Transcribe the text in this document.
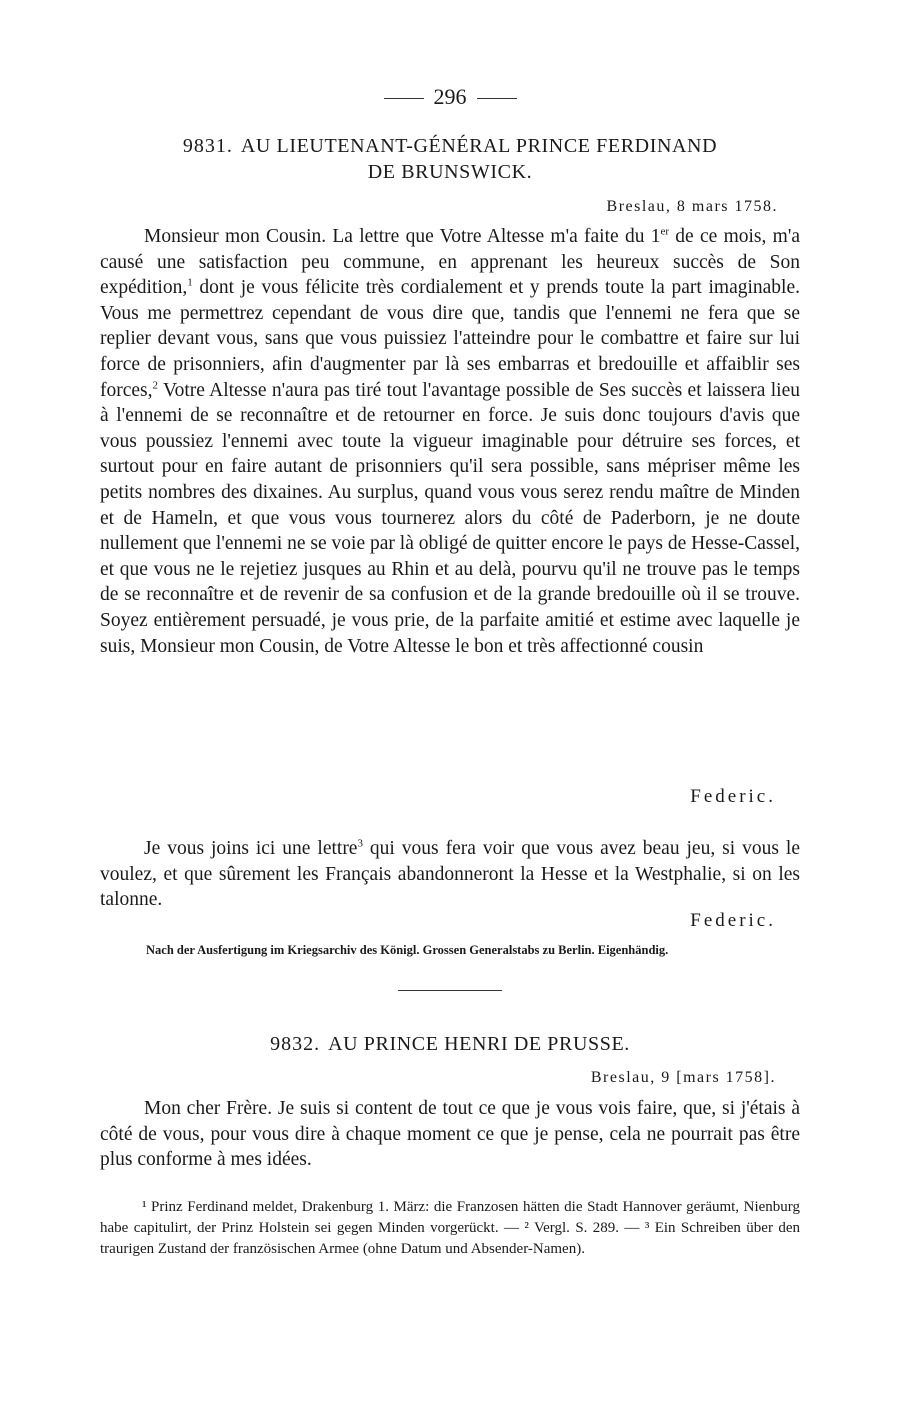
296
9831. AU LIEUTENANT-GÉNÉRAL PRINCE FERDINAND
DE BRUNSWICK.
Breslau, 8 mars 1758.

Monsieur mon Cousin. La lettre que Votre Altesse m'a faite du 1er de ce mois, m'a causé une satisfaction peu commune, en apprenant les heureux succès de Son expédition,$^1$ dont je vous félicite très cordialement et y prends toute la part imaginable. Vous me permettrez cependant de vous dire que, tandis que l'ennemi ne fera que se replier devant vous, sans que vous puissiez l'atteindre pour le combattre et faire sur lui force de prisonniers, afin d'augmenter par là ses embarras et bredouille et affaiblir ses forces,$^2$ Votre Altesse n'aura pas tiré tout l'avantage possible de Ses succès et laissera lieu à l'ennemi de se reconnaître et de retourner en force. Je suis donc toujours d'avis que vous poussiez l'ennemi avec toute la vigueur imaginable pour détruire ses forces, et surtout pour en faire autant de prisonniers qu'il sera possible, sans mépriser même les petits nombres des dixaines. Au surplus, quand vous vous serez rendu maître de Minden et de Hameln, et que vous vous tournerez alors du côté de Paderborn, je ne doute nullement que l'ennemi ne se voie par là obligé de quitter encore le pays de Hesse-Cassel, et que vous ne le rejetiez jusques au Rhin et au delà, pourvu qu'il ne trouve pas le temps de se reconnaître et de revenir de sa confusion et de la grande bredouille où il se trouve. Soyez entièrement persuadé, je vous prie, de la parfaite amitié et estime avec laquelle je suis, Monsieur mon Cousin, de Votre Altesse le bon et très affectionné cousin

Federic.

Je vous joins ici une lettre$^3$ qui vous fera voir que vous avez beau jeu, si vous le voulez, et que sûrement les Français abandonneront la Hesse et la Westphalie, si on les talonne.

Federic.
Nach der Ausfertigung im Kriegsarchiv des Königl. Grossen Generalstabs zu Berlin. Eigenhändig.
9832. AU PRINCE HENRI DE PRUSSE.
Breslau, 9 [mars 1758].

Mon cher Frère. Je suis si content de tout ce que je vous vois faire, que, si j'étais à côté de vous, pour vous dire à chaque moment ce que je pense, cela ne pourrait pas être plus conforme à mes idées.

¹ Prinz Ferdinand meldet, Drakenburg 1. März: die Franzosen hätten die Stadt Hannover geräumt, Nienburg habe capitulirt, der Prinz Holstein sei gegen Minden vorgerückt. — ² Vergl. S. 289. — ³ Ein Schreiben über den traurigen Zustand der französischen Armee (ohne Datum und Absender-Namen).
